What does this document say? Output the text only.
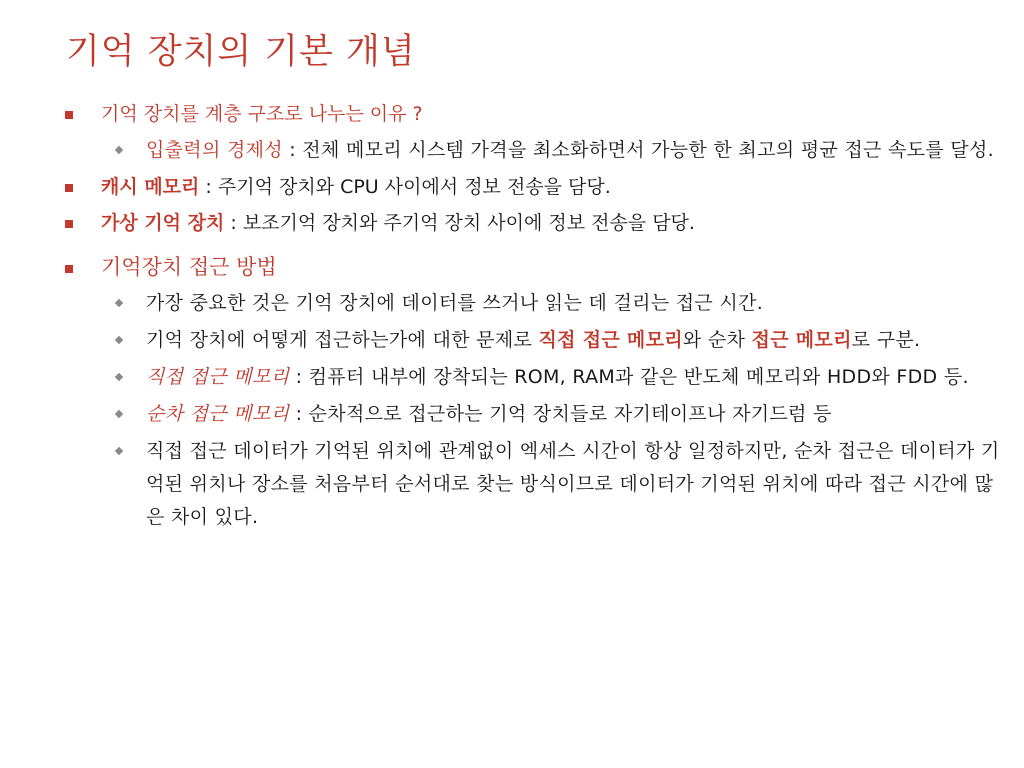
기억 장치의 기본 개념
기억 장치를 계층 구조로 나누는 이유 ?
입출력의 경제성 : 전체 메모리 시스템 가격을 최소화하면서 가능한 한 최고의 평균 접근 속도를 달성.
캐시 메모리 : 주기억 장치와 CPU 사이에서 정보 전송을 담당.
가상 기억 장치 : 보조기억 장치와 주기억 장치 사이에 정보 전송을 담당.
기억장치 접근 방법
가장 중요한 것은 기억 장치에 데이터를 쓰거나 읽는 데 걸리는 접근 시간.
기억 장치에 어떻게 접근하는가에 대한 문제로 직접 접근 메모리와 순차 접근 메모리로 구분.
직접 접근 메모리 : 컴퓨터 내부에 장착되는 ROM, RAM과 같은 반도체 메모리와 HDD와 FDD 등.
순차 접근 메모리 : 순차적으로 접근하는 기억 장치들로 자기테이프나 자기드럼 등
직접 접근 데이터가 기억된 위치에 관계없이 엑세스 시간이 항상 일정하지만, 순차 접근은 데이터가 기억된 위치나 장소를 처음부터 순서대로 찾는 방식이므로 데이터가 기억된 위치에 따라 접근 시간에 많은 차이 있다.
